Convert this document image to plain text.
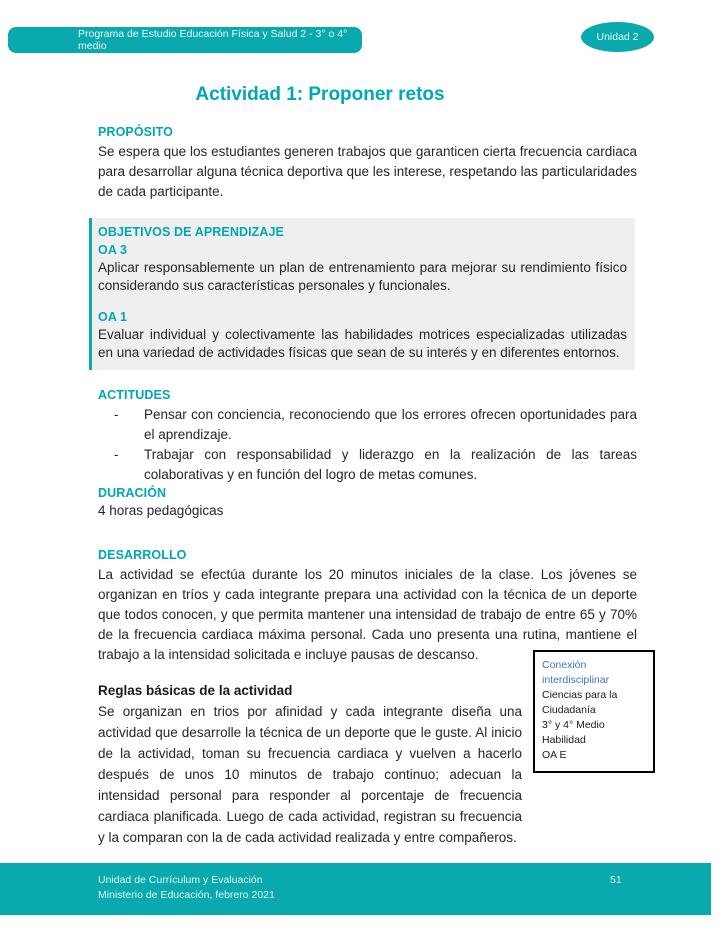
Programa de Estudio Educación Física y Salud 2 - 3° o 4° medio
Unidad 2
Actividad 1: Proponer retos
PROPÓSITO

Se espera que los estudiantes generen trabajos que garanticen cierta frecuencia cardiaca para desarrollar alguna técnica deportiva que les interese, respetando las particularidades de cada participante.

OBJETIVOS DE APRENDIZAJE
OA 3

Aplicar responsablemente un plan de entrenamiento para mejorar su rendimiento físico considerando sus características personales y funcionales.

OA 1

Evaluar individual y colectivamente las habilidades motrices especializadas utilizadas en una variedad de actividades físicas que sean de su interés y en diferentes entornos.

ACTITUDES
-	Pensar con conciencia, reconociendo que los errores ofrecen oportunidades para el aprendizaje.

-	Trabajar con responsabilidad y liderazgo en la realización de las tareas colaborativas y en función del logro de metas comunes.

DURACIÓN
4 horas pedagógicas
DESARROLLO

La actividad se efectúa durante los 20 minutos iniciales de la clase. Los jóvenes se organizan en tríos y cada integrante prepara una actividad con la técnica de un deporte que todos conocen, y que permita mantener una intensidad de trabajo de entre 65 y 70% de la frecuencia cardiaca máxima personal. Cada uno presenta una rutina, mantiene el trabajo a la intensidad solicitada e incluye pausas de descanso.

Reglas básicas de la actividad

Se organizan en trios por afinidad y cada integrante diseña una actividad que desarrolle la técnica de un deporte que le guste. Al inicio de la actividad, toman su frecuencia cardiaca y vuelven a hacerlo después de unos 10 minutos de trabajo continuo; adecuan la intensidad personal para responder al porcentaje de frecuencia cardiaca planificada. Luego de cada actividad, registran su frecuencia y la comparan con la de cada actividad realizada y entre compañeros.

Conexión interdisciplinar
Ciencias para la Ciudadanía
3° y 4° Medio
Habilidad
OA E
Unidad de Currículum y Evaluación
Ministerio de Educación, febrero 2021
51
